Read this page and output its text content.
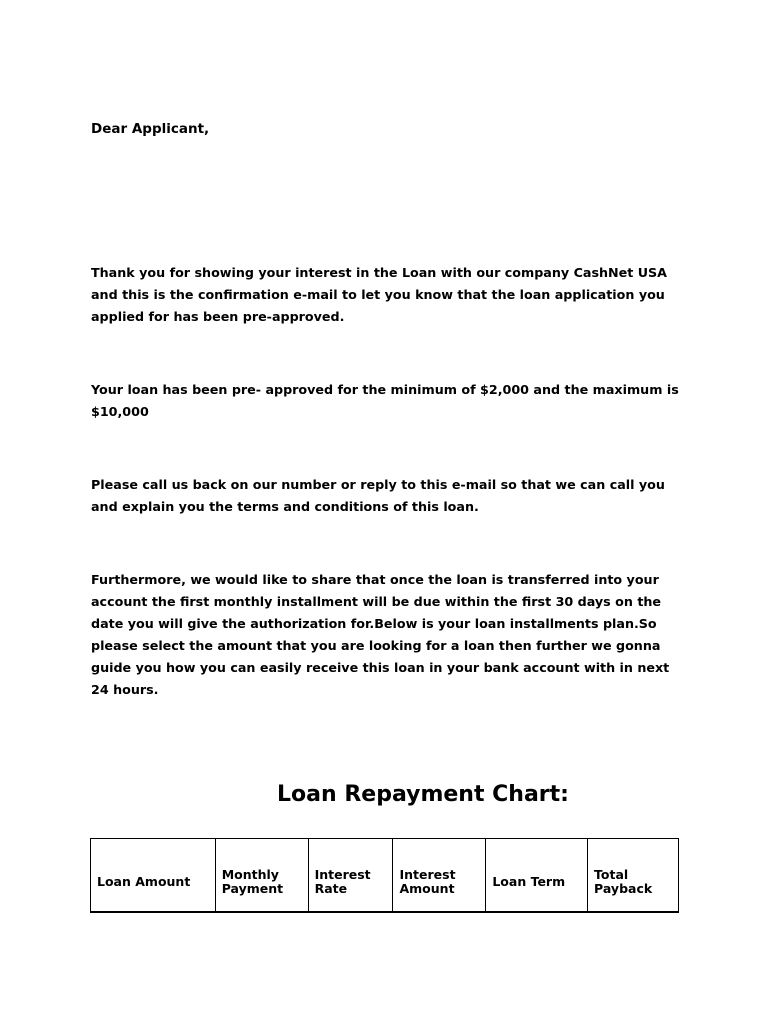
Dear Applicant,

Thank you for showing your interest in the Loan with our company CashNet USA and this is the confirmation e-mail to let you know that the loan application you applied for has been pre-approved.

Your loan has been pre- approved for the minimum of $2,000 and the maximum is $10,000

Please call us back on our number or reply to this e-mail so that we can call you and explain you the terms and conditions of this loan.

Furthermore, we would like to share that once the loan is transferred into your account the first monthly installment will be due within the first 30 days on the date you will give the authorization for.Below is your loan installments plan.So please select the amount that you are looking for a loan then further we gonna guide you how you can easily receive this loan in your bank account with in next 24 hours.

Loan Repayment Chart:
Loan Amount	Monthly Payment	Interest Rate	Interest Amount	Loan Term	Total Payback
